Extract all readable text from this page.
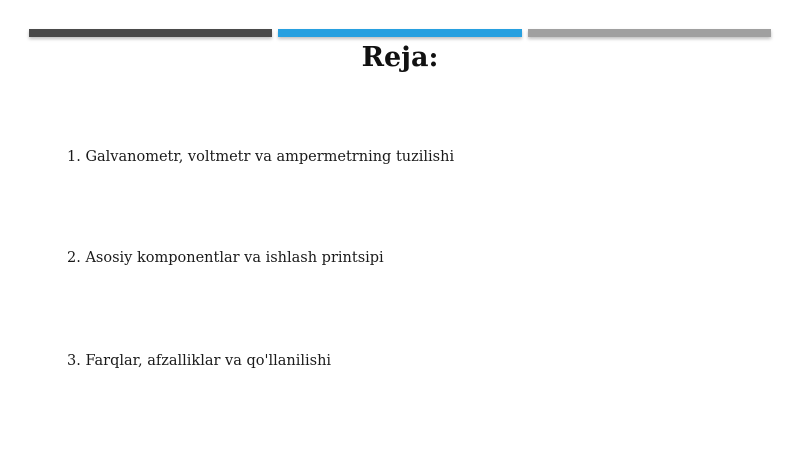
Reja:
1. Galvanometr, voltmetr va ampermetrning tuzilishi
2. Asosiy komponentlar va ishlash printsipi
3. Farqlar, afzalliklar va qo'llanilishi
